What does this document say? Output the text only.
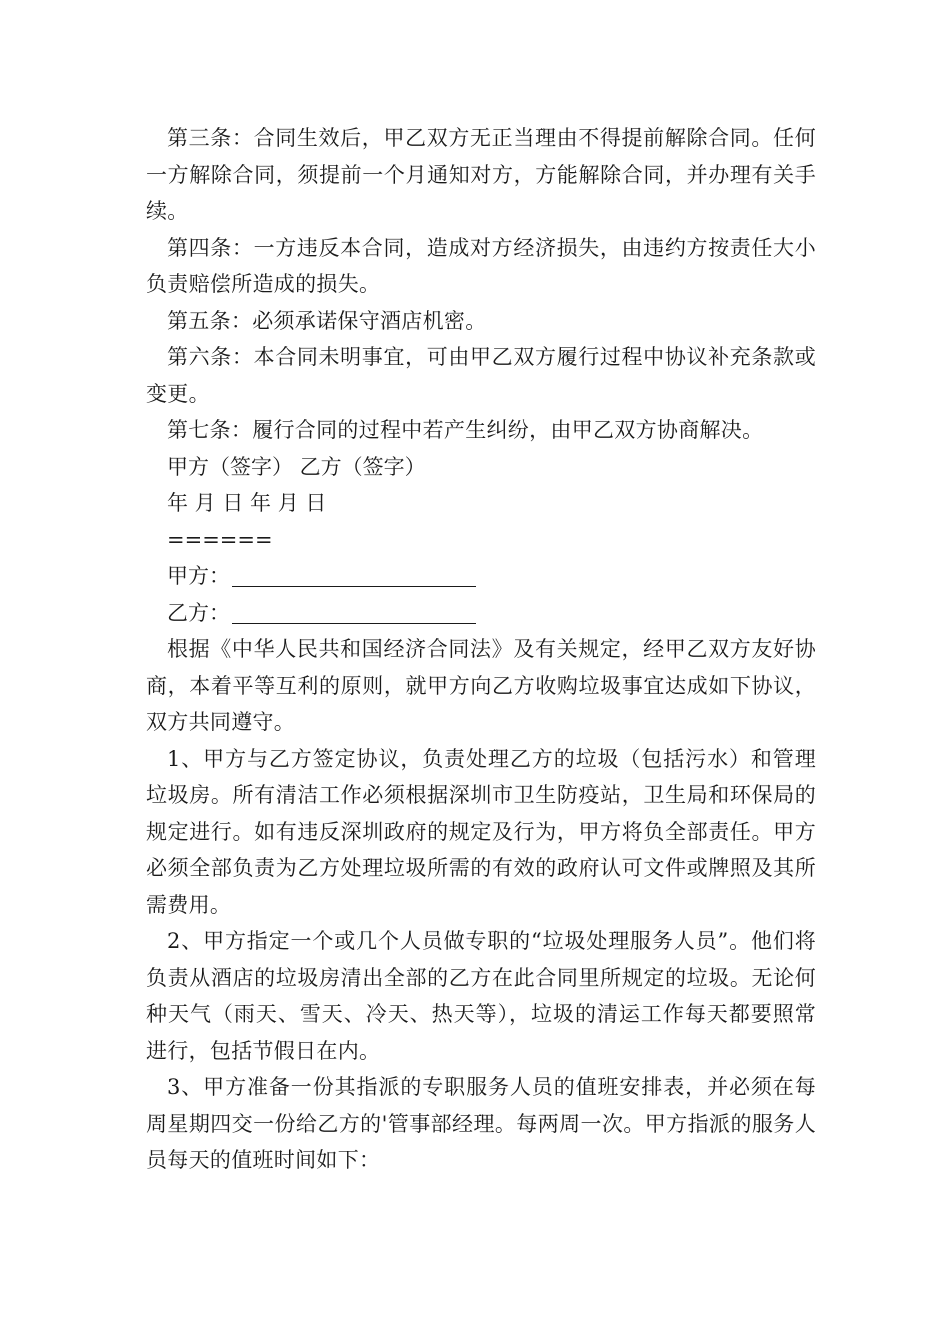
第三条：合同生效后，甲乙双方无正当理由不得提前解除合同。任何一方解除合同，须提前一个月通知对方，方能解除合同，并办理有关手续。

第四条：一方违反本合同，造成对方经济损失，由违约方按责任大小负责赔偿所造成的损失。

第五条：必须承诺保守酒店机密。

第六条：本合同未明事宜，可由甲乙双方履行过程中协议补充条款或变更。

第七条：履行合同的过程中若产生纠纷，由甲乙双方协商解决。

甲方（签字） 乙方（签字）

年 月 日 年 月 日

======

甲方：

乙方：

根据《中华人民共和国经济合同法》及有关规定，经甲乙双方友好协商，本着平等互利的原则，就甲方向乙方收购垃圾事宜达成如下协议，双方共同遵守。

1、甲方与乙方签定协议，负责处理乙方的垃圾（包括污水）和管理垃圾房。所有清洁工作必须根据深圳市卫生防疫站，卫生局和环保局的规定进行。如有违反深圳政府的规定及行为，甲方将负全部责任。甲方必须全部负责为乙方处理垃圾所需的有效的政府认可文件或牌照及其所需费用。

2、甲方指定一个或几个人员做专职的“垃圾处理服务人员”。他们将负责从酒店的垃圾房清出全部的乙方在此合同里所规定的垃圾。无论何种天气（雨天、雪天、冷天、热天等），垃圾的清运工作每天都要照常进行，包括节假日在内。

3、甲方准备一份其指派的专职服务人员的值班安排表，并必须在每周星期四交一份给乙方的'管事部经理。每两周一次。甲方指派的服务人员每天的值班时间如下：
